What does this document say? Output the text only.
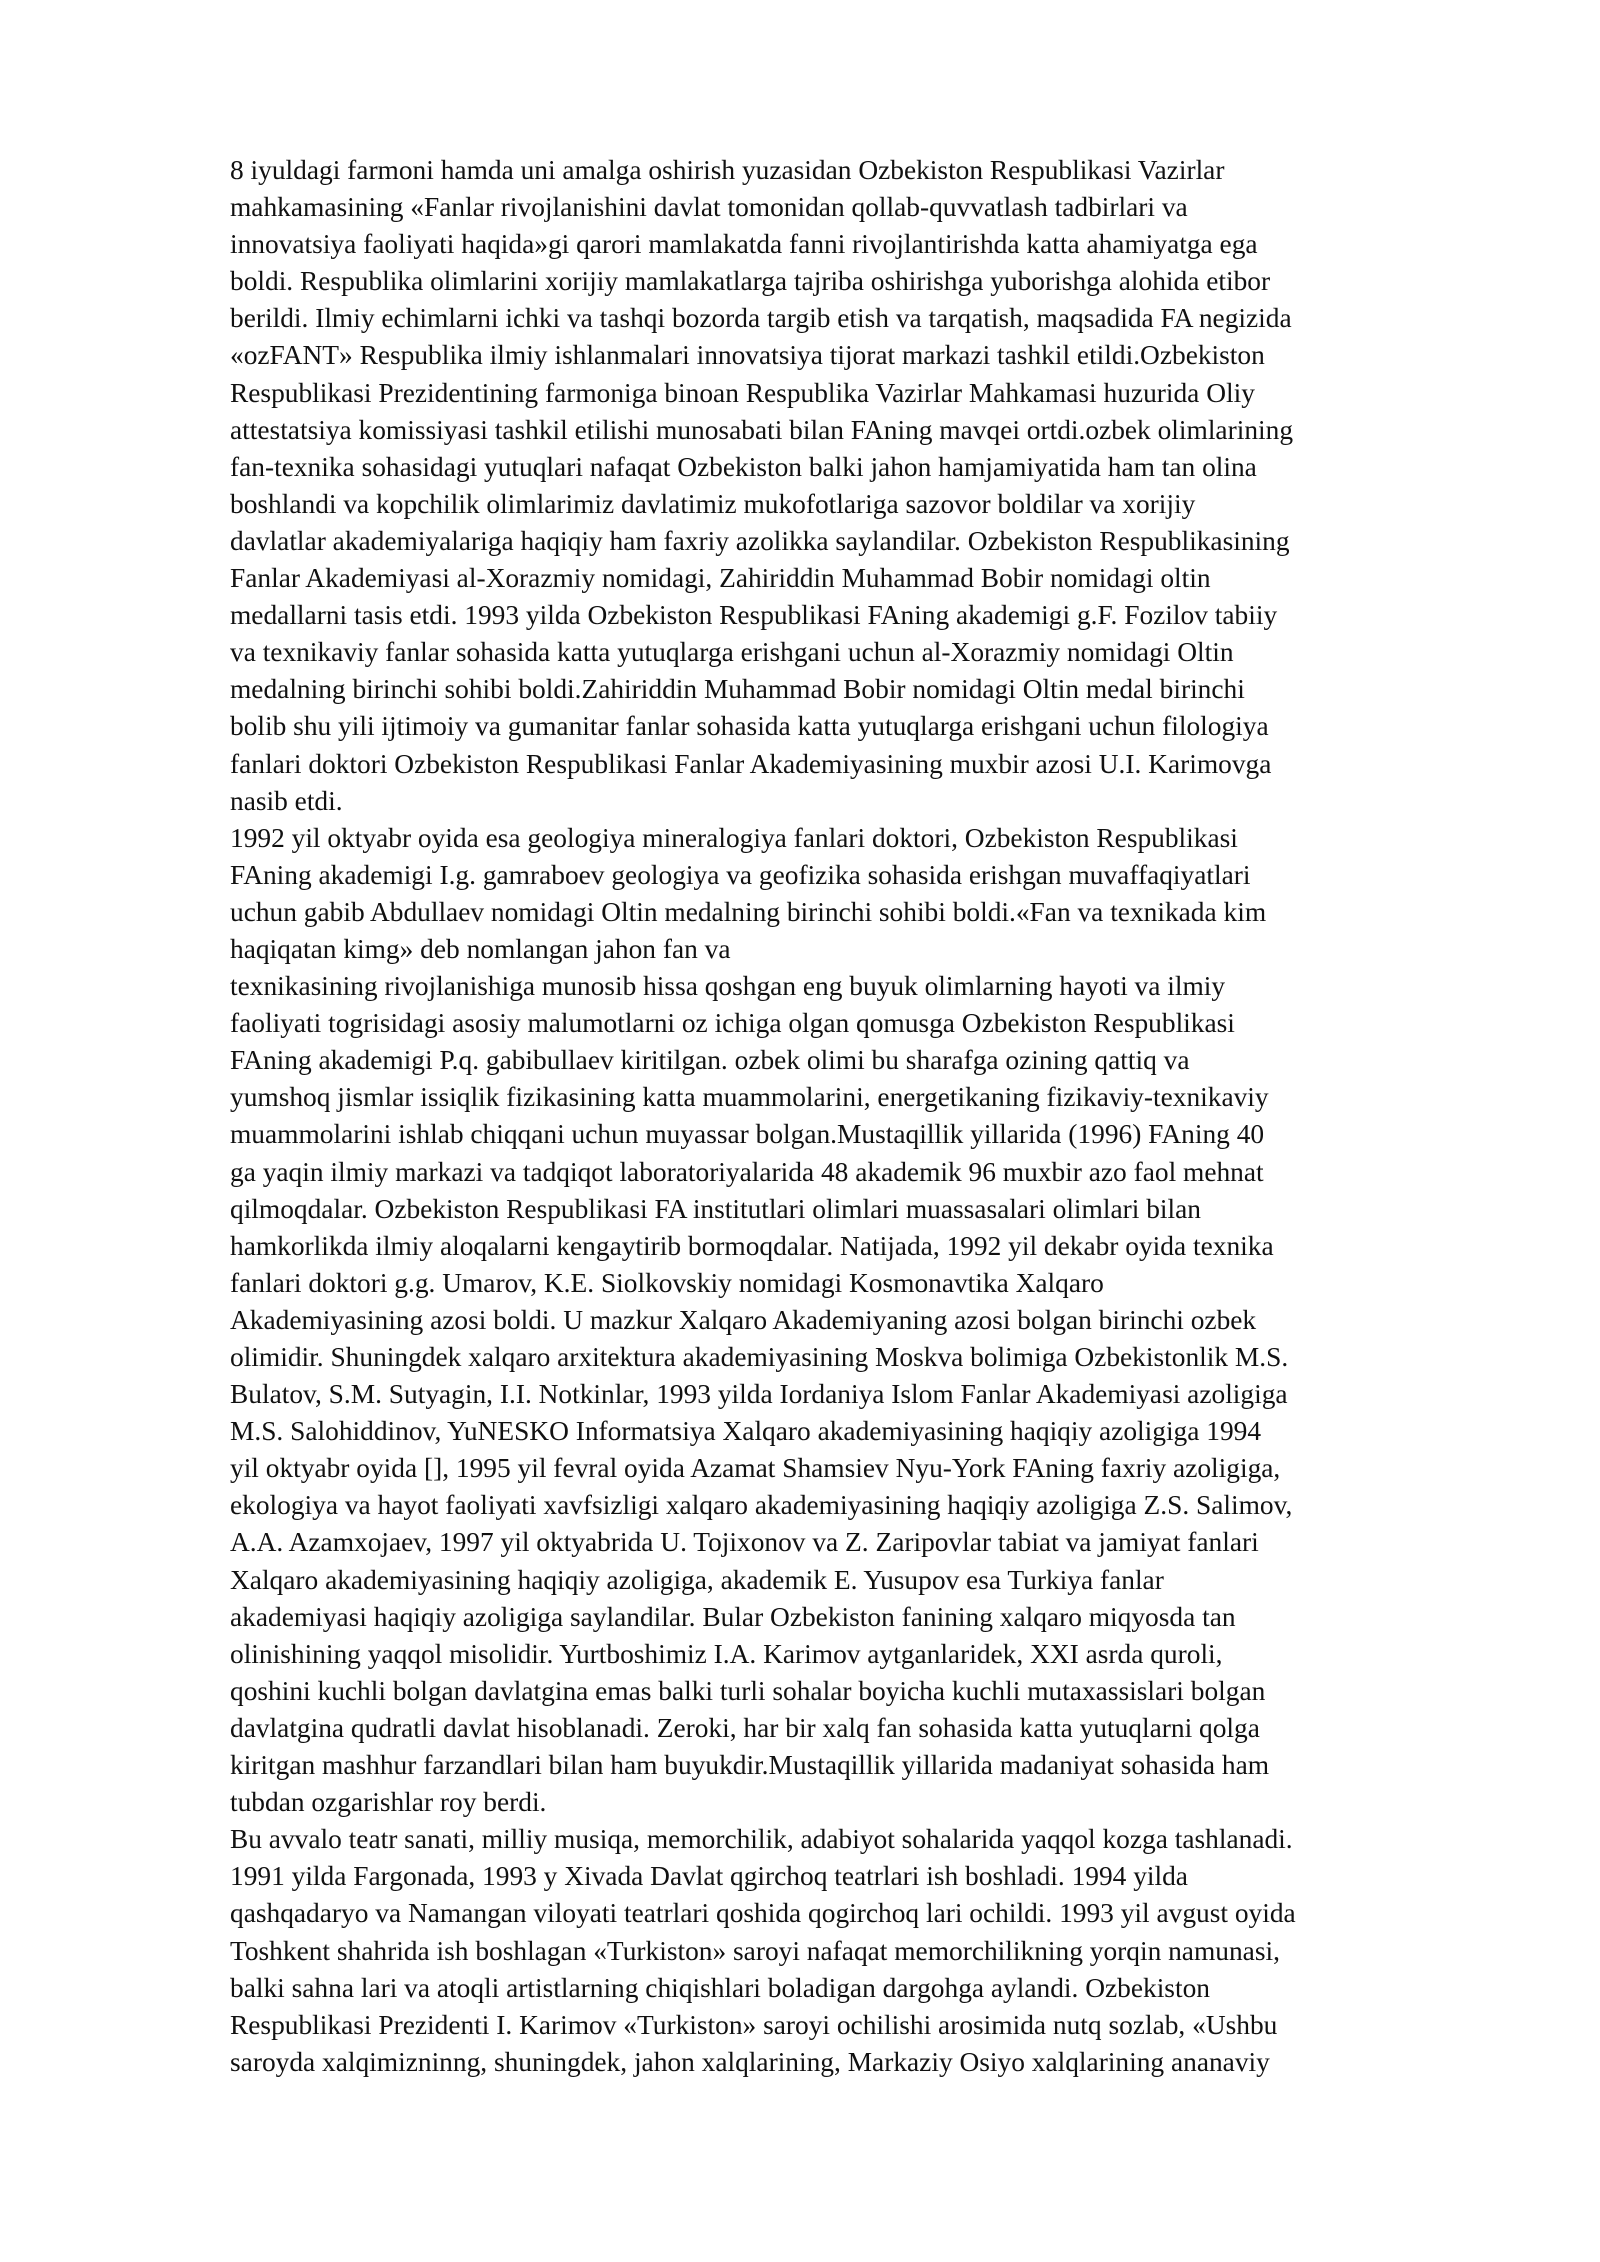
8 iyuldagi farmoni hamda uni amalga oshirish yuzasidan Ozbekiston Respublikasi Vazirlar
mahkamasining «Fanlar rivojlanishini davlat tomonidan qollab-quvvatlash tadbirlari va
innovatsiya faoliyati haqida»gi qarori mamlakatda fanni rivojlantirishda katta ahamiyatga ega
boldi. Respublika olimlarini xorijiy mamlakatlarga tajriba oshirishga yuborishga alohida etibor
berildi. Ilmiy echimlarni ichki va tashqi bozorda targib etish va tarqatish, maqsadida FA negizida
«ozFANT» Respublika ilmiy ishlanmalari innovatsiya tijorat markazi tashkil etildi.Ozbekiston
Respublikasi Prezidentining farmoniga binoan Respublika Vazirlar Mahkamasi huzurida Oliy
attestatsiya komissiyasi tashkil etilishi munosabati bilan FAning mavqei ortdi.ozbek olimlarining
fan-texnika sohasidagi yutuqlari nafaqat Ozbekiston balki jahon hamjamiyatida ham tan olina
boshlandi va kopchilik olimlarimiz davlatimiz mukofotlariga sazovor boldilar va xorijiy
davlatlar akademiyalariga haqiqiy ham faxriy azolikka saylandilar. Ozbekiston Respublikasining
Fanlar Akademiyasi al-Xorazmiy nomidagi, Zahiriddin Muhammad Bobir nomidagi oltin
medallarni tasis etdi. 1993 yilda Ozbekiston Respublikasi FAning akademigi g.F. Fozilov tabiiy
va texnikaviy fanlar sohasida katta yutuqlarga erishgani uchun al-Xorazmiy nomidagi Oltin
medalning birinchi sohibi boldi.Zahiriddin Muhammad Bobir nomidagi Oltin medal birinchi
bolib shu yili ijtimoiy va gumanitar fanlar sohasida katta yutuqlarga erishgani uchun filologiya
fanlari doktori Ozbekiston Respublikasi Fanlar Akademiyasining muxbir azosi U.I. Karimovga
nasib etdi.
1992 yil oktyabr oyida esa geologiya mineralogiya fanlari doktori, Ozbekiston Respublikasi
FAning akademigi I.g. gamraboev geologiya va geofizika sohasida erishgan muvaffaqiyatlari
uchun gabib Abdullaev nomidagi Oltin medalning birinchi sohibi boldi.«Fan va texnikada kim
haqiqatan kimg» deb nomlangan jahon fan va
texnikasining rivojlanishiga munosib hissa qoshgan eng buyuk olimlarning hayoti va ilmiy
faoliyati togrisidagi asosiy malumotlarni oz ichiga olgan qomusga Ozbekiston Respublikasi
FAning akademigi P.q. gabibullaev kiritilgan. ozbek olimi bu sharafga ozining qattiq va
yumshoq jismlar issiqlik fizikasining katta muammolarini, energetikaning fizikaviy-texnikaviy
muammolarini ishlab chiqqani uchun muyassar bolgan.Mustaqillik yillarida (1996) FAning 40
ga yaqin ilmiy markazi va tadqiqot laboratoriyalarida 48 akademik 96 muxbir azo faol mehnat
qilmoqdalar. Ozbekiston Respublikasi FA institutlari olimlari muassasalari olimlari bilan
hamkorlikda ilmiy aloqalarni kengaytirib bormoqdalar. Natijada, 1992 yil dekabr oyida texnika
fanlari doktori g.g. Umarov, K.E. Siolkovskiy nomidagi Kosmonavtika Xalqaro
Akademiyasining azosi boldi. U mazkur Xalqaro Akademiyaning azosi bolgan birinchi ozbek
olimidir. Shuningdek xalqaro arxitektura akademiyasining Moskva bolimiga Ozbekistonlik M.S.
Bulatov, S.M. Sutyagin, I.I. Notkinlar, 1993 yilda Iordaniya Islom Fanlar Akademiyasi azoligiga
M.S. Salohiddinov, YuNESKO Informatsiya Xalqaro akademiyasining haqiqiy azoligiga 1994
yil oktyabr oyida [], 1995 yil fevral oyida Azamat Shamsiev Nyu-York FAning faxriy azoligiga,
ekologiya va hayot faoliyati xavfsizligi xalqaro akademiyasining haqiqiy azoligiga Z.S. Salimov,
A.A. Azamxojaev, 1997 yil oktyabrida U. Tojixonov va Z. Zaripovlar tabiat va jamiyat fanlari
Xalqaro akademiyasining haqiqiy azoligiga, akademik E. Yusupov esa Turkiya fanlar
akademiyasi haqiqiy azoligiga saylandilar. Bular Ozbekiston fanining xalqaro miqyosda tan
olinishining yaqqol misolidir. Yurtboshimiz I.A. Karimov aytganlaridek, XXI asrda quroli,
qoshini kuchli bolgan davlatgina emas balki turli sohalar boyicha kuchli mutaxassislari bolgan
davlatgina qudratli davlat hisoblanadi. Zeroki, har bir xalq fan sohasida katta yutuqlarni qolga
kiritgan mashhur farzandlari bilan ham buyukdir.Mustaqillik yillarida madaniyat sohasida ham
tubdan ozgarishlar roy berdi.
Bu avvalo teatr sanati, milliy musiqa, memorchilik, adabiyot sohalarida yaqqol kozga tashlanadi.
1991 yilda Fargonada, 1993 y Xivada Davlat qgirchoq teatrlari ish boshladi. 1994 yilda
qashqadaryo va Namangan viloyati teatrlari qoshida qogirchoq lari ochildi. 1993 yil avgust oyida
Toshkent shahrida ish boshlagan «Turkiston» saroyi nafaqat memorchilikning yorqin namunasi,
balki sahna lari va atoqli artistlarning chiqishlari boladigan dargohga aylandi. Ozbekiston
Respublikasi Prezidenti I. Karimov «Turkiston» saroyi ochilishi arosimida nutq sozlab, «Ushbu
saroyda xalqimizninng, shuningdek, jahon xalqlarining, Markaziy Osiyo xalqlarining ananaviy
